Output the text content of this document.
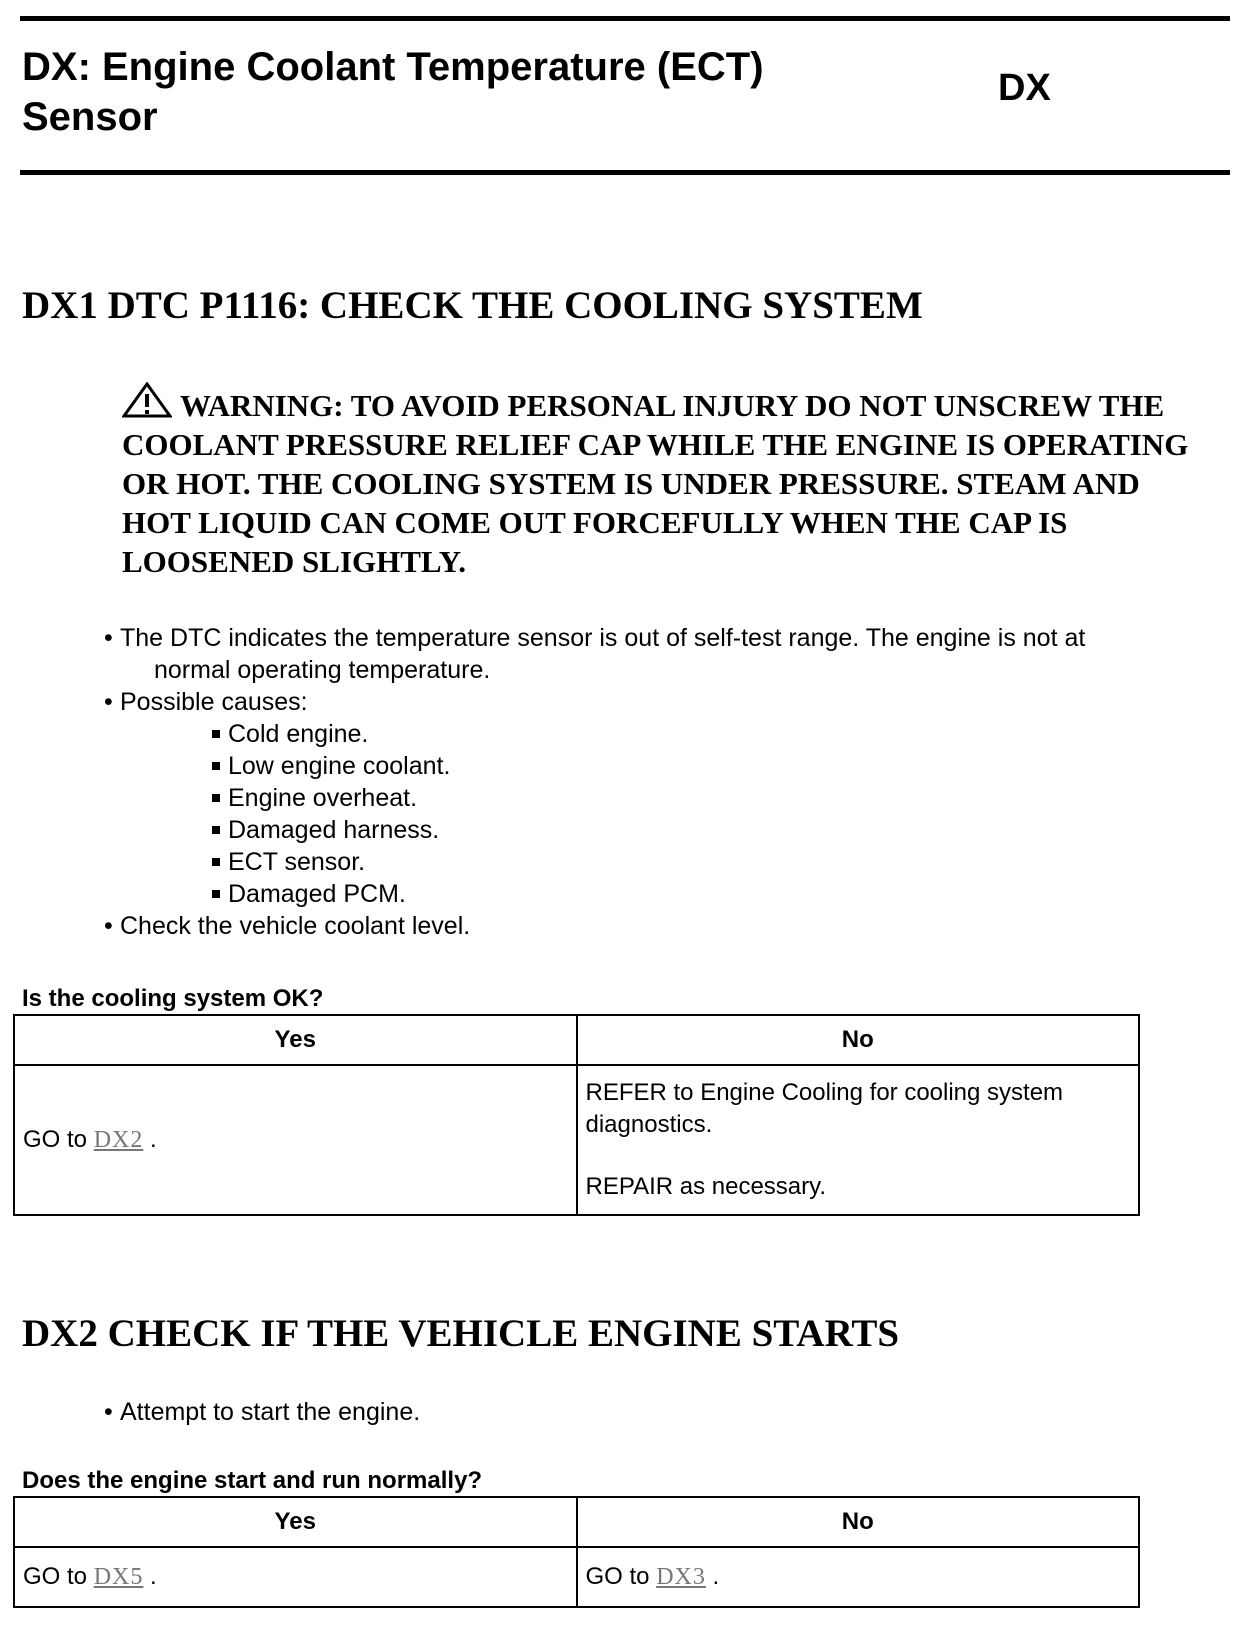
DX: Engine Coolant Temperature (ECT) Sensor
DX
DX1 DTC P1116: CHECK THE COOLING SYSTEM
WARNING: TO AVOID PERSONAL INJURY DO NOT UNSCREW THE COOLANT PRESSURE RELIEF CAP WHILE THE ENGINE IS OPERATING OR HOT. THE COOLING SYSTEM IS UNDER PRESSURE. STEAM AND HOT LIQUID CAN COME OUT FORCEFULLY WHEN THE CAP IS LOOSENED SLIGHTLY.
• The DTC indicates the temperature sensor is out of self-test range. The engine is not at
normal operating temperature.
• Possible causes:
Cold engine.
Low engine coolant.
Engine overheat.
Damaged harness.
ECT sensor.
Damaged PCM.
• Check the vehicle coolant level.

Is the cooling system OK?

Yes	No
GO to DX2 .	REFER to Engine Cooling for cooling system diagnostics.
REPAIR as necessary.
DX2 CHECK IF THE VEHICLE ENGINE STARTS
• Attempt to start the engine.

Does the engine start and run normally?

Yes	No
GO to DX5 .	GO to DX3 .
